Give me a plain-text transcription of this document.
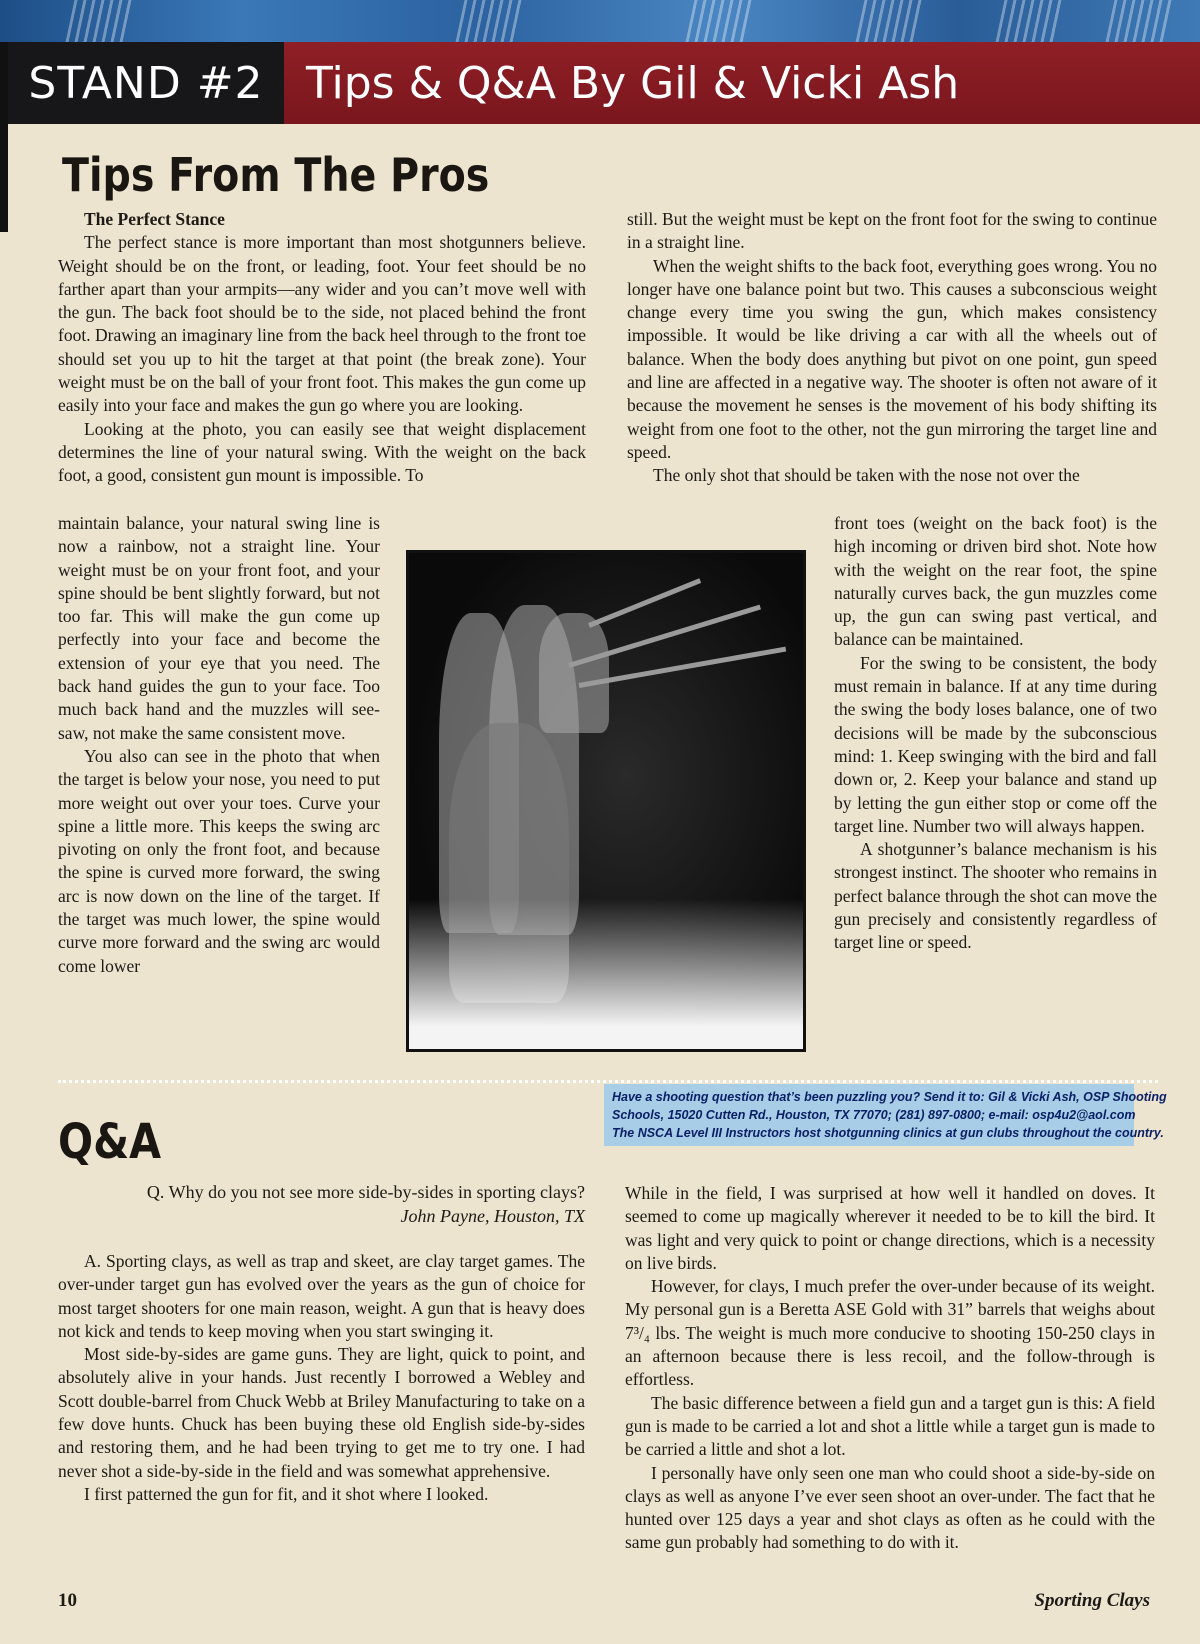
STAND #2 Tips & Q&A By Gil & Vicki Ash
Tips From The Pros

The Perfect Stance

The perfect stance is more important than most shotgunners believe. Weight should be on the front, or leading, foot. Your feet should be no farther apart than your armpits—any wider and you can’t move well with the gun. The back foot should be to the side, not placed behind the front foot. Drawing an imaginary line from the back heel through to the front toe should set you up to hit the target at that point (the break zone). Your weight must be on the ball of your front foot. This makes the gun come up easily into your face and makes the gun go where you are looking.

Looking at the photo, you can easily see that weight displacement determines the line of your natural swing. With the weight on the back foot, a good, consistent gun mount is impossible. To

maintain balance, your natural swing line is now a rainbow, not a straight line. Your weight must be on your front foot, and your spine should be bent slightly forward, but not too far. This will make the gun come up perfectly into your face and become the extension of your eye that you need. The back hand guides the gun to your face. Too much back hand and the muzzles will see-saw, not make the same consistent move.

You also can see in the photo that when the target is below your nose, you need to put more weight out over your toes. Curve your spine a little more. This keeps the swing arc pivoting on only the front foot, and because the spine is curved more forward, the swing arc is now down on the line of the target. If the target was much lower, the spine would curve more forward and the swing arc would come lower

still. But the weight must be kept on the front foot for the swing to continue in a straight line.

When the weight shifts to the back foot, everything goes wrong. You no longer have one balance point but two. This causes a subconscious weight change every time you swing the gun, which makes consistency impossible. It would be like driving a car with all the wheels out of balance. When the body does anything but pivot on one point, gun speed and line are affected in a negative way. The shooter is often not aware of it because the movement he senses is the movement of his body shifting its weight from one foot to the other, not the gun mirroring the target line and speed.

The only shot that should be taken with the nose not over the

front toes (weight on the back foot) is the high incoming or driven bird shot. Note how with the weight on the rear foot, the spine naturally curves back, the gun muzzles come up, the gun can swing past vertical, and balance can be maintained.

For the swing to be consistent, the body must remain in balance. If at any time during the swing the body loses balance, one of two decisions will be made by the subconscious mind: 1. Keep swinging with the bird and fall down or, 2. Keep your balance and stand up by letting the gun either stop or come off the target line. Number two will always happen.

A shotgunner’s balance mechanism is his strongest instinct. The shooter who remains in perfect balance through the shot can move the gun precisely and consistently regardless of target line or speed.

Q&A
Have a shooting question that’s been puzzling you? Send it to: Gil & Vicki Ash, OSP Shooting
Schools, 15020 Cutten Rd., Houston, TX 77070; (281) 897-0800; e-mail: osp4u2@aol.com
The NSCA Level III Instructors host shotgunning clinics at gun clubs throughout the country.
Q. Why do you not see more side-by-sides in sporting clays?
John Payne, Houston, TX

A. Sporting clays, as well as trap and skeet, are clay target games. The over-under target gun has evolved over the years as the gun of choice for most target shooters for one main reason, weight. A gun that is heavy does not kick and tends to keep moving when you start swinging it.

Most side-by-sides are game guns. They are light, quick to point, and absolutely alive in your hands. Just recently I borrowed a Webley and Scott double-barrel from Chuck Webb at Briley Manufacturing to take on a few dove hunts. Chuck has been buying these old English side-by-sides and restoring them, and he had been trying to get me to try one. I had never shot a side-by-side in the field and was somewhat apprehensive.

I first patterned the gun for fit, and it shot where I looked.

While in the field, I was surprised at how well it handled on doves. It seemed to come up magically wherever it needed to be to kill the bird. It was light and very quick to point or change directions, which is a necessity on live birds.

However, for clays, I much prefer the over-under because of its weight. My personal gun is a Beretta ASE Gold with 31” barrels that weighs about 7³/₄ lbs. The weight is much more conducive to shooting 150-250 clays in an afternoon because there is less recoil, and the follow-through is effortless.

The basic difference between a field gun and a target gun is this: A field gun is made to be carried a lot and shot a little while a target gun is made to be carried a little and shot a lot.

I personally have only seen one man who could shoot a side-by-side on clays as well as anyone I’ve ever seen shoot an over-under. The fact that he hunted over 125 days a year and shot clays as often as he could with the same gun probably had something to do with it.

10	Sporting Clays
